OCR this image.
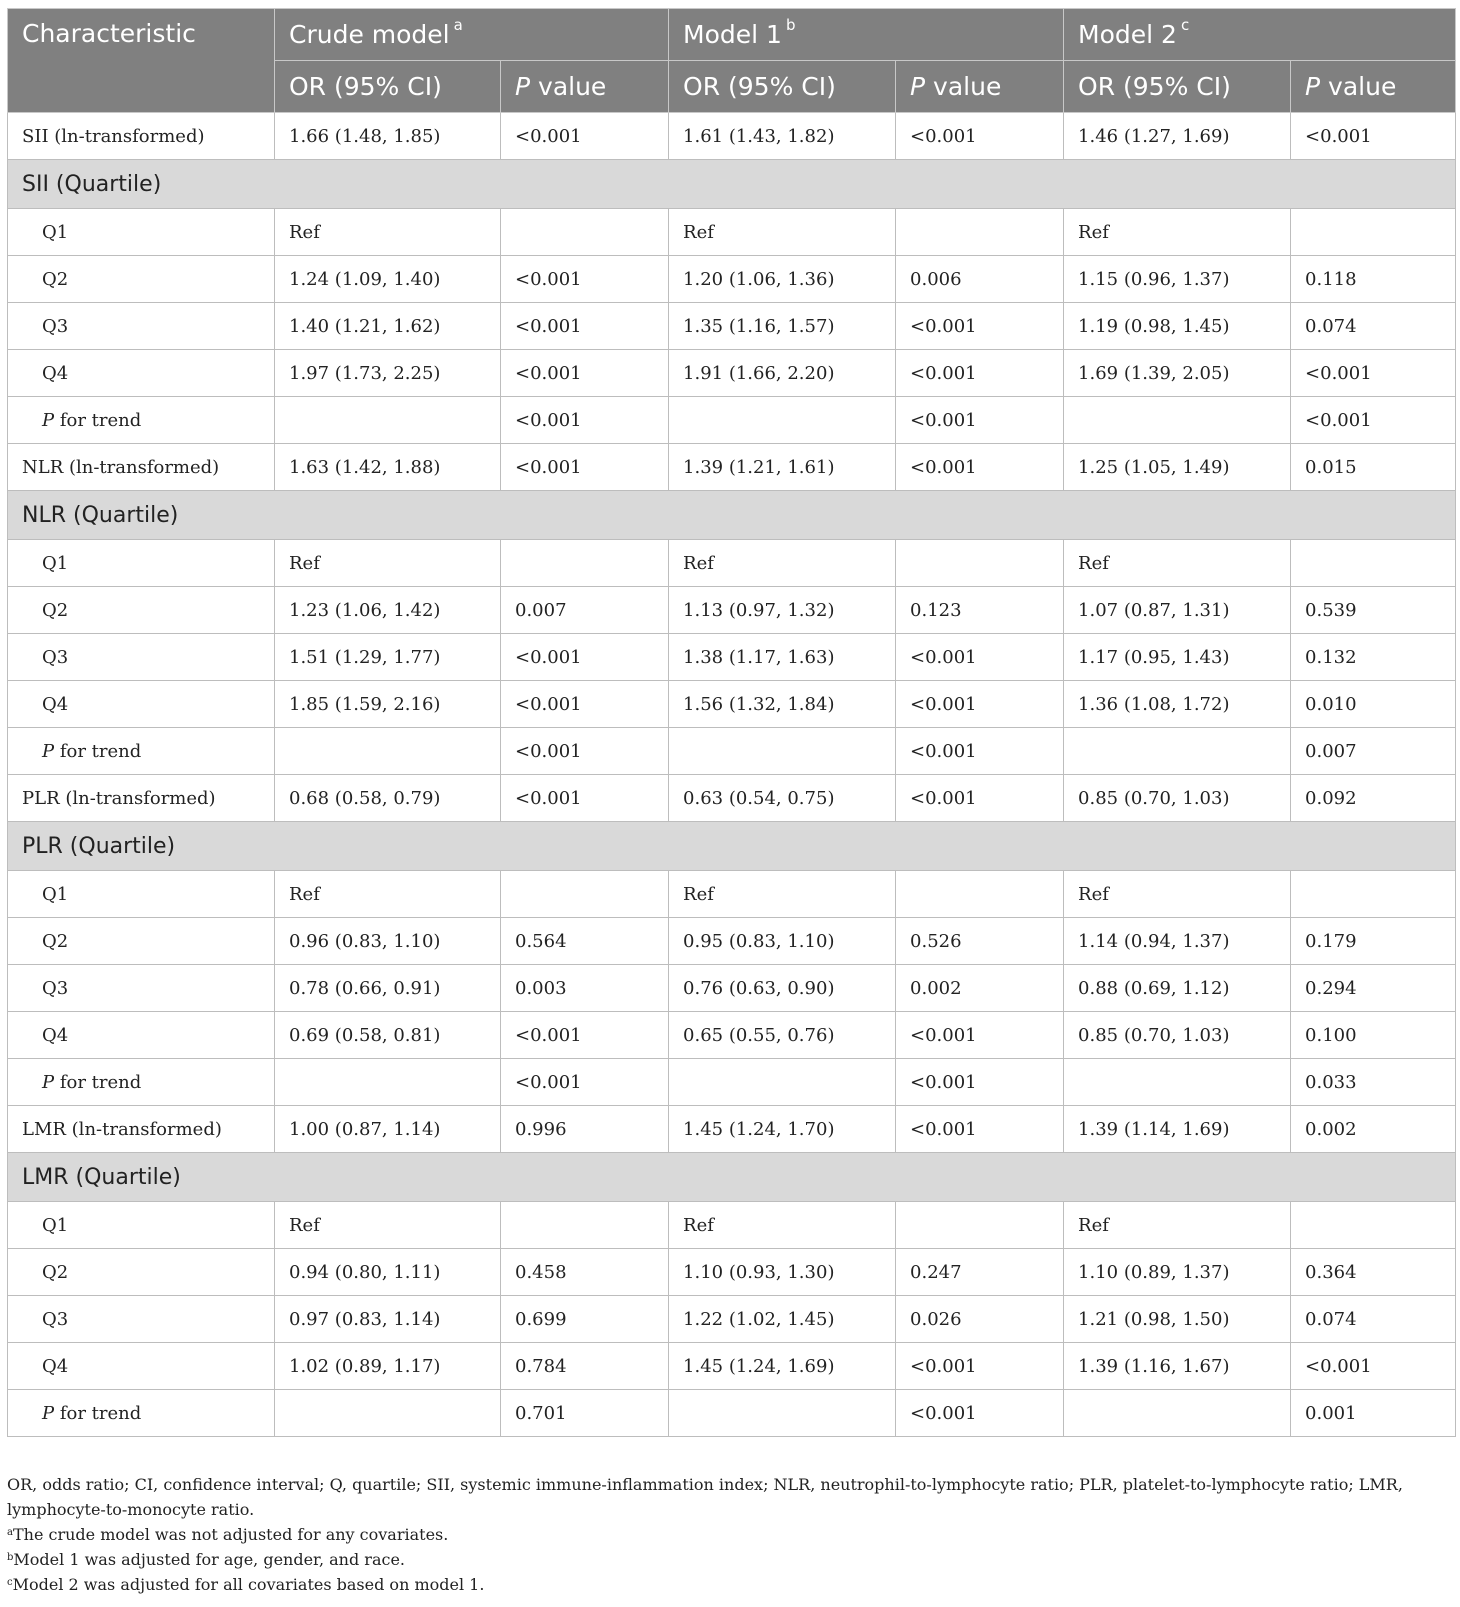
Characteristic	Crude model $^a$		Model 1 $^b$		Model 2 $^c$
	OR (95% CI)	P value	OR (95% CI)	P value	OR (95% CI)	P value
SII (ln-transformed)	1.66 (1.48, 1.85)	<0.001	1.61 (1.43, 1.82)	<0.001	1.46 (1.27, 1.69)	<0.001
SII (Quartile)						
Q1	Ref		Ref		Ref	
Q2	1.24 (1.09, 1.40)	<0.001	1.20 (1.06, 1.36)	0.006	1.15 (0.96, 1.37)	0.118
Q3	1.40 (1.21, 1.62)	<0.001	1.35 (1.16, 1.57)	<0.001	1.19 (0.98, 1.45)	0.074
Q4	1.97 (1.73, 2.25)	<0.001	1.91 (1.66, 2.20)	<0.001	1.69 (1.39, 2.05)	<0.001
P for trend		<0.001		<0.001		<0.001
NLR (ln-transformed)	1.63 (1.42, 1.88)	<0.001	1.39 (1.21, 1.61)	<0.001	1.25 (1.05, 1.49)	0.015
NLR (Quartile)						
Q1	Ref		Ref		Ref	
Q2	1.23 (1.06, 1.42)	0.007	1.13 (0.97, 1.32)	0.123	1.07 (0.87, 1.31)	0.539
Q3	1.51 (1.29, 1.77)	<0.001	1.38 (1.17, 1.63)	<0.001	1.17 (0.95, 1.43)	0.132
Q4	1.85 (1.59, 2.16)	<0.001	1.56 (1.32, 1.84)	<0.001	1.36 (1.08, 1.72)	0.010
P for trend		<0.001		<0.001		0.007
PLR (ln-transformed)	0.68 (0.58, 0.79)	<0.001	0.63 (0.54, 0.75)	<0.001	0.85 (0.70, 1.03)	0.092
PLR (Quartile)						
Q1	Ref		Ref		Ref	
Q2	0.96 (0.83, 1.10)	0.564	0.95 (0.83, 1.10)	0.526	1.14 (0.94, 1.37)	0.179
Q3	0.78 (0.66, 0.91)	0.003	0.76 (0.63, 0.90)	0.002	0.88 (0.69, 1.12)	0.294
Q4	0.69 (0.58, 0.81)	<0.001	0.65 (0.55, 0.76)	<0.001	0.85 (0.70, 1.03)	0.100
P for trend		<0.001		<0.001		0.033
LMR (ln-transformed)	1.00 (0.87, 1.14)	0.996	1.45 (1.24, 1.70)	<0.001	1.39 (1.14, 1.69)	0.002
LMR (Quartile)						
Q1	Ref		Ref		Ref	
Q2	0.94 (0.80, 1.11)	0.458	1.10 (0.93, 1.30)	0.247	1.10 (0.89, 1.37)	0.364
Q3	0.97 (0.83, 1.14)	0.699	1.22 (1.02, 1.45)	0.026	1.21 (0.98, 1.50)	0.074
Q4	1.02 (0.89, 1.17)	0.784	1.45 (1.24, 1.69)	<0.001	1.39 (1.16, 1.67)	<0.001
P for trend		0.701		<0.001		0.001

OR, odds ratio; CI, confidence interval; Q, quartile; SII, systemic immune-inflammation index; NLR, neutrophil-to-lymphocyte ratio; PLR, platelet-to-lymphocyte ratio; LMR, lymphocyte-to-monocyte ratio.

$^a$The crude model was not adjusted for any covariates.

$^b$Model 1 was adjusted for age, gender, and race.

$^c$Model 2 was adjusted for all covariates based on model 1.
